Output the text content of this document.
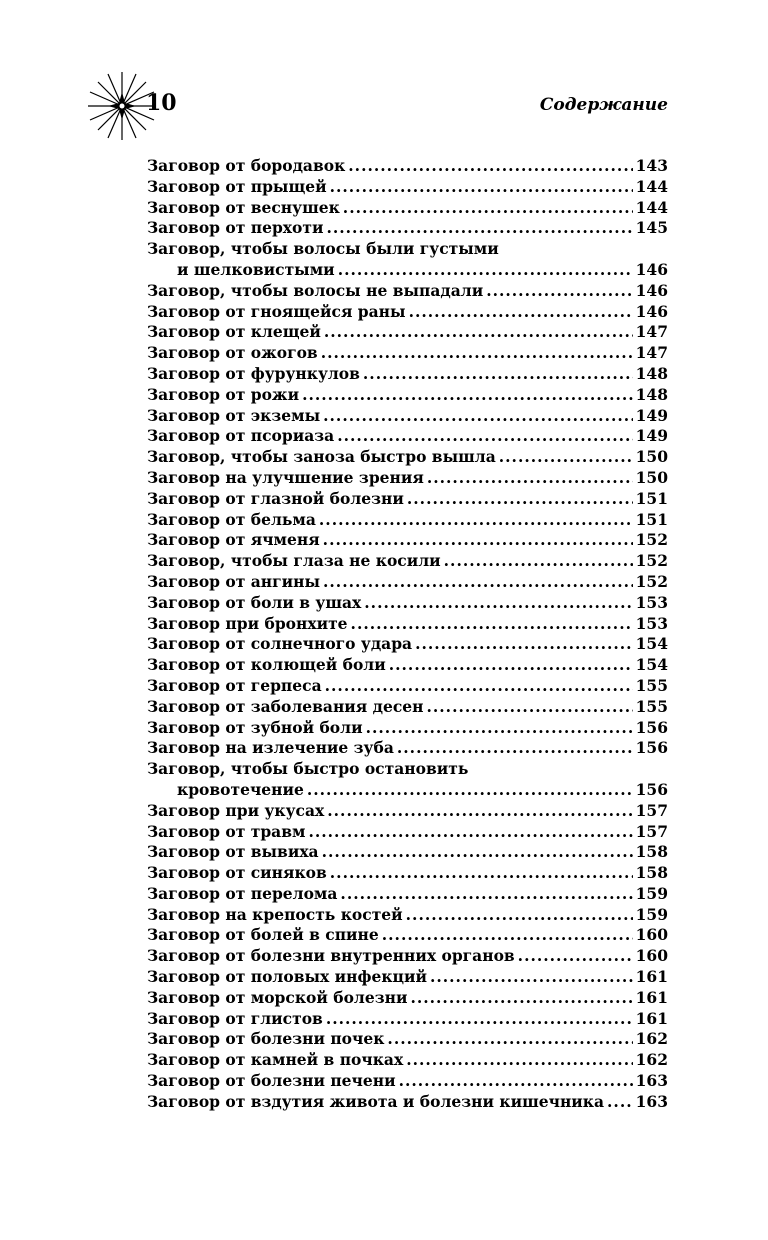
10	Содержание
Заговор от бородавок .....	143
Заговор от прыщей .....	144
Заговор от веснушек .....	144
Заговор от перхоти .....	145
Заговор, чтобы волосы были густыми
и шелковистыми .....	146
Заговор, чтобы волосы не выпадали .....	146
Заговор от гноящейся раны .....	146
Заговор от клещей .....	147
Заговор от ожогов .....	147
Заговор от фурункулов .....	148
Заговор от рожи .....	148
Заговор от экземы .....	149
Заговор от псориаза .....	149
Заговор, чтобы заноза быстро вышла .....	150
Заговор на улучшение зрения .....	150
Заговор от глазной болезни .....	151
Заговор от бельма .....	151
Заговор от ячменя .....	152
Заговор, чтобы глаза не косили .....	152
Заговор от ангины .....	152
Заговор от боли в ушах .....	153
Заговор при бронхите .....	153
Заговор от солнечного удара .....	154
Заговор от колющей боли .....	154
Заговор от герпеса .....	155
Заговор от заболевания десен .....	155
Заговор от зубной боли .....	156
Заговор на излечение зуба .....	156
Заговор, чтобы быстро остановить
кровотечение .....	156
Заговор при укусах .....	157
Заговор от травм .....	157
Заговор от вывиха .....	158
Заговор от синяков .....	158
Заговор от перелома .....	159
Заговор на крепость костей .....	159
Заговор от болей в спине .....	160
Заговор от болезни внутренних органов .....	160
Заговор от половых инфекций .....	161
Заговор от морской болезни .....	161
Заговор от глистов .....	161
Заговор от болезни почек .....	162
Заговор от камней в почках .....	162
Заговор от болезни печени .....	163
Заговор от вздутия живота и болезни кишечника ..... 163
